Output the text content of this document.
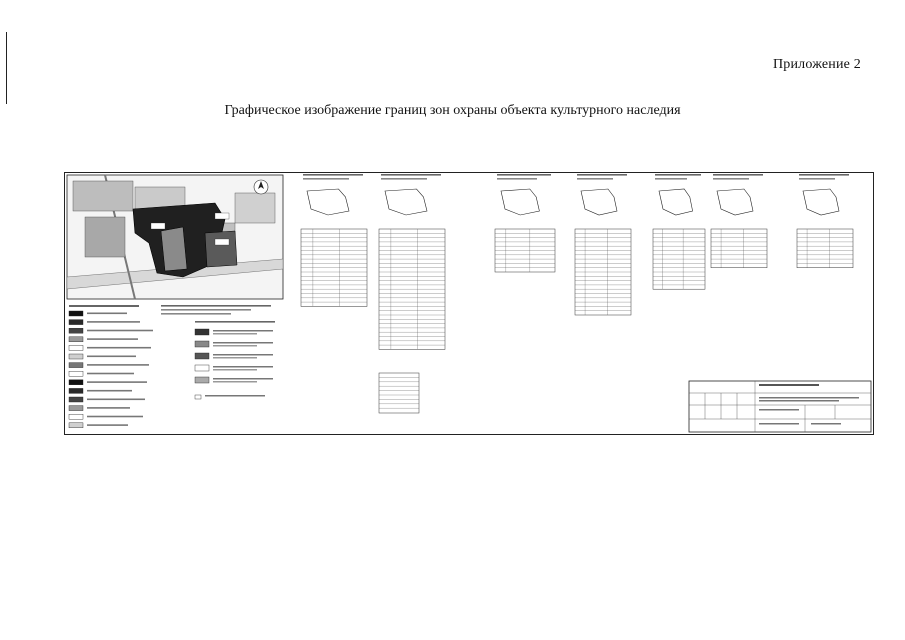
Приложение 2
Графическое изображение границ зон охраны объекта культурного наследия
